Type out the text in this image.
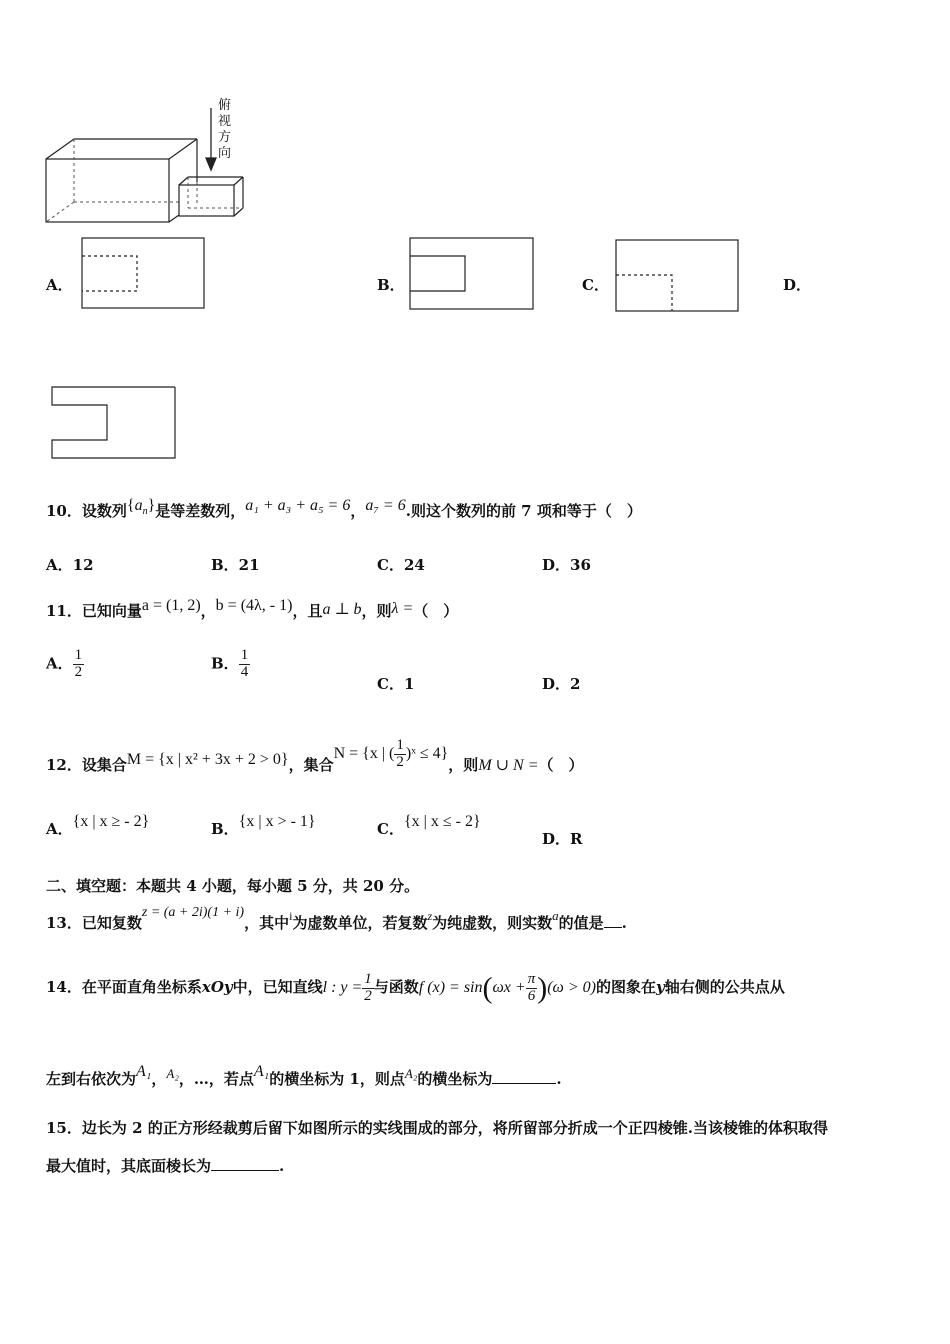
俯
视
方
向
A．	B．	C．	D．
10．设数列$\{a_n\}$是等差数列，a₁ + a₃ + a₅ = 6，a₇ = 6.则这个数列的前 7 项和等于（　）
A．12	B．21	C．24	D．36
11．已知向量a = (1, 2)，b = (4λ, - 1)，且a ⊥ b，则λ =（　）
A． $\frac{1}{2}$	B． $\frac{1}{4}$
C．1	D．2
12．设集合M = {x | x² + 3x + 2 > 0}，集合N = {x | ( $\frac{1}{2}$ )ˣ ≤ 4}，则M ∪ N =（　）
A．{x | x ≥ - 2}	B．{x | x > - 1}	C．{x | x ≤ - 2}
D．R
二、填空题：本题共 4 小题，每小题 5 分，共 20 分。
13．已知复数z = (a + 2i)(1 + i)，其中$^i$为虚数单位，若复数$^z$为纯虚数，则实数a的值是 .
14．在平面直角坐标系xOy中，已知直线l : $y = \frac{1}{2}$ 与函数f $(x) = \sin(\omega x + \frac{\pi}{6} )(\omega > 0)$的图象在y轴右侧的公共点从
左到右依次为A₁，A₂，…，若点A₁的横坐标为 1，则点A₂的横坐标为	.
15．边长为 2 的正方形经裁剪后留下如图所示的实线围成的部分，将所留部分折成一个正四棱锥.当该棱锥的体积取得
最大值时，其底面棱长为	.
